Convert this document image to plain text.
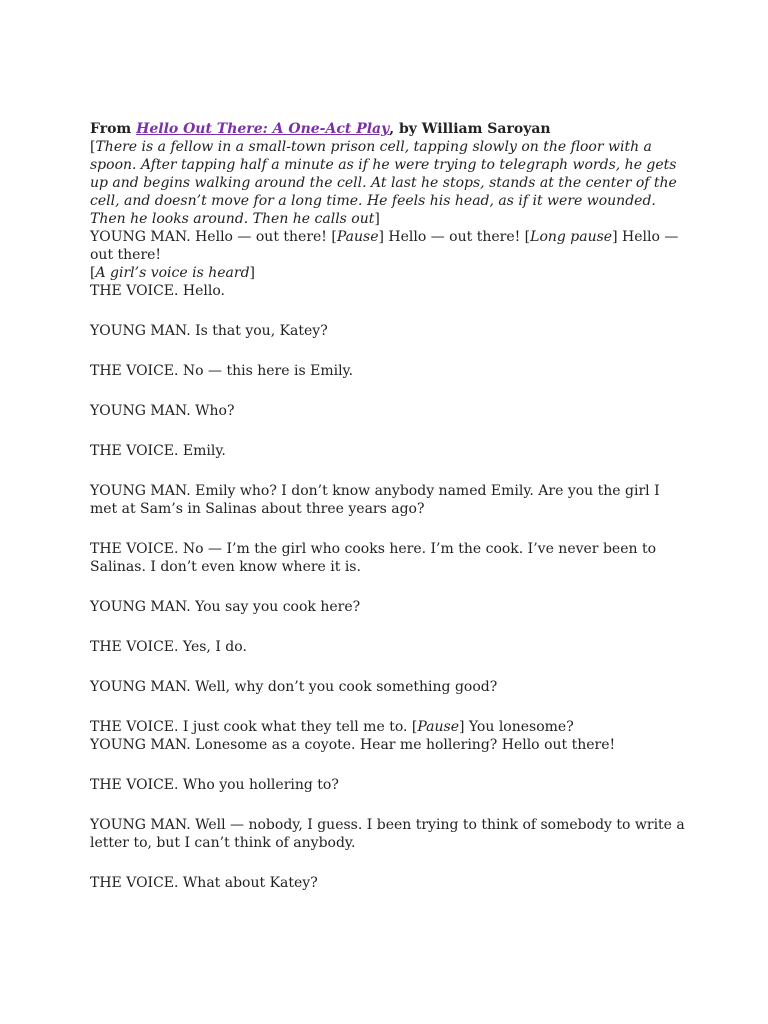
From Hello Out There: A One-Act Play, by William Saroyan

[There is a fellow in a small-town prison cell, tapping slowly on the floor with a spoon. After tapping half a minute as if he were trying to telegraph words, he gets up and begins walking around the cell. At last he stops, stands at the center of the cell, and doesn’t move for a long time. He feels his head, as if it were wounded. Then he looks around. Then he calls out]

YOUNG MAN. Hello — out there! [Pause] Hello — out there! [Long pause] Hello — out there!

[A girl’s voice is heard]

THE VOICE. Hello.

YOUNG MAN. Is that you, Katey?

THE VOICE. No — this here is Emily.

YOUNG MAN. Who?

THE VOICE. Emily.

YOUNG MAN. Emily who? I don’t know anybody named Emily. Are you the girl I met at Sam’s in Salinas about three years ago?

THE VOICE. No — I’m the girl who cooks here. I’m the cook. I’ve never been to Salinas. I don’t even know where it is.

YOUNG MAN. You say you cook here?

THE VOICE. Yes, I do.

YOUNG MAN. Well, why don’t you cook something good?

THE VOICE. I just cook what they tell me to. [Pause] You lonesome?

YOUNG MAN. Lonesome as a coyote. Hear me hollering? Hello out there!

THE VOICE. Who you hollering to?

YOUNG MAN. Well — nobody, I guess. I been trying to think of somebody to write a letter to, but I can’t think of anybody.

THE VOICE. What about Katey?
